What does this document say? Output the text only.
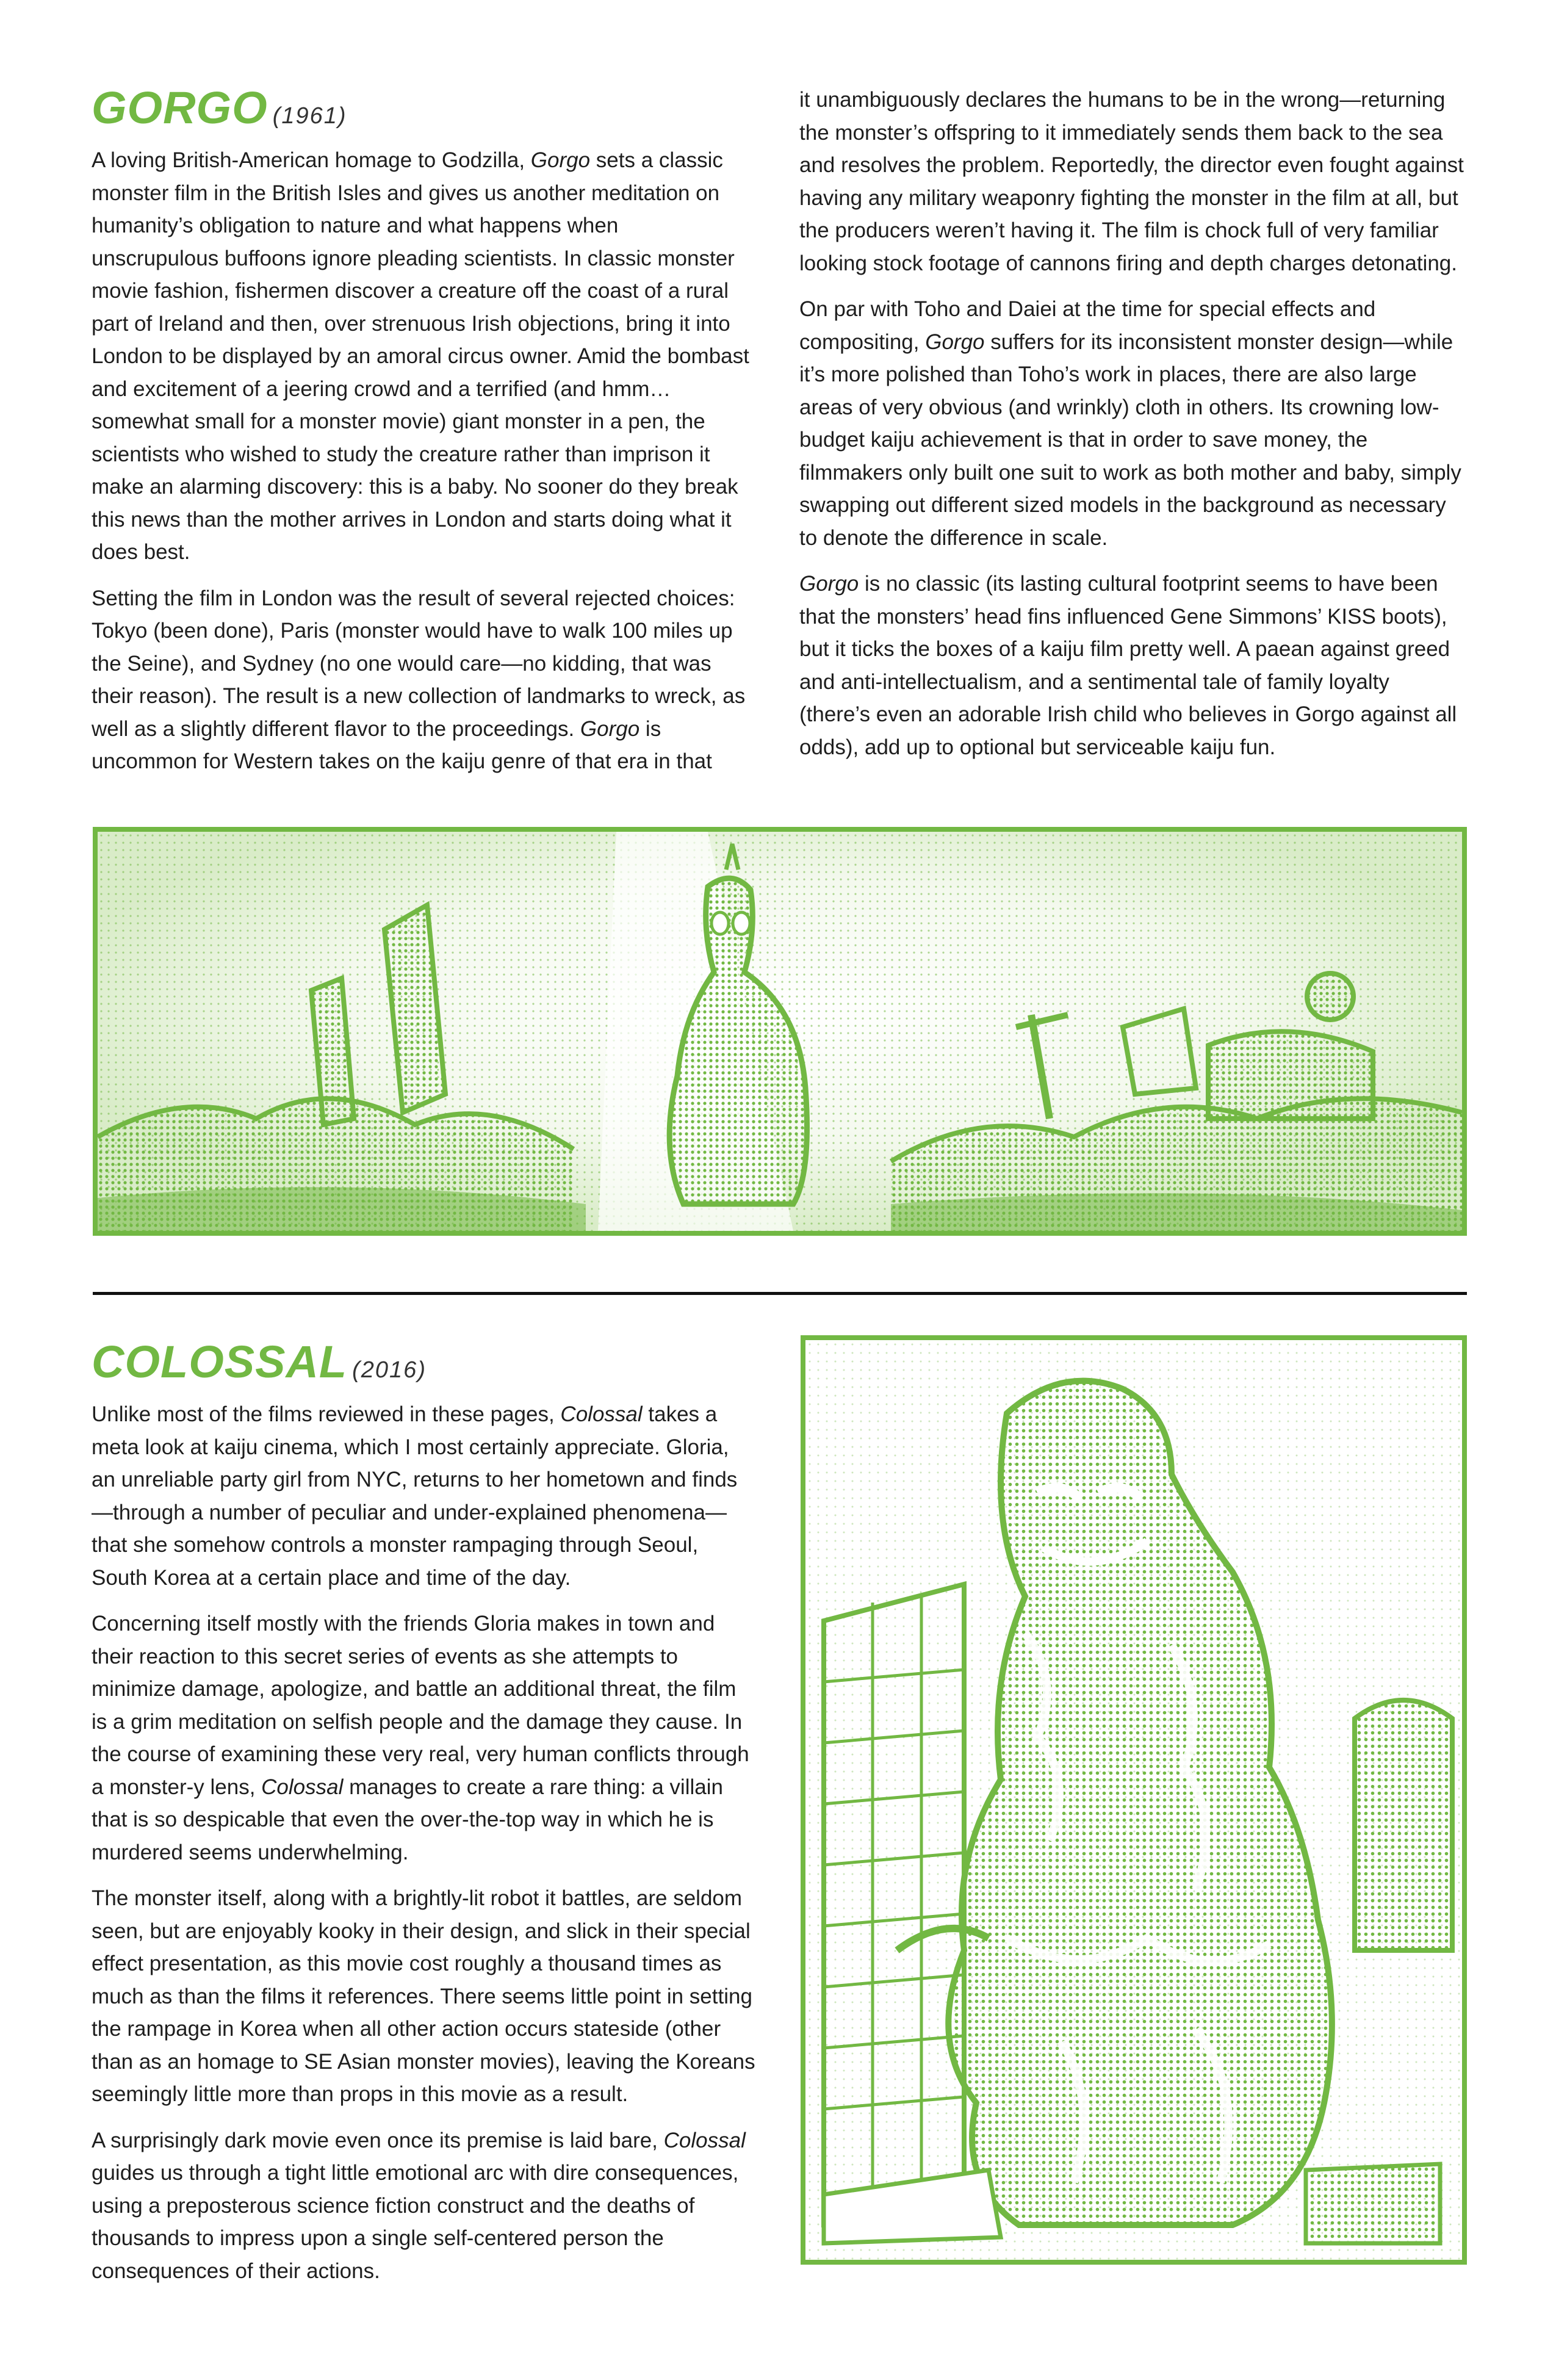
GORGO (1961)

A loving British-American homage to Godzilla, Gorgo sets a classic monster film in the British Isles and gives us another meditation on humanity’s obligation to nature and what happens when unscrupulous buffoons ignore pleading scientists. In classic monster movie fashion, fishermen discover a creature off the coast of a rural part of Ireland and then, over strenuous Irish objections, bring it into London to be displayed by an amoral circus owner. Amid the bombast and excitement of a jeering crowd and a terrified (and hmm… somewhat small for a monster movie) giant monster in a pen, the scientists who wished to study the creature rather than imprison it make an alarming discovery: this is a baby. No sooner do they break this news than the mother arrives in London and starts doing what it does best.

Setting the film in London was the result of several rejected choices: Tokyo (been done), Paris (monster would have to walk 100 miles up the Seine), and Sydney (no one would care—no kidding, that was their reason). The result is a new collection of landmarks to wreck, as well as a slightly different flavor to the proceedings. Gorgo is uncommon for Western takes on the kaiju genre of that era in that

it unambiguously declares the humans to be in the wrong—returning the monster’s offspring to it immediately sends them back to the sea and resolves the problem. Reportedly, the director even fought against having any military weaponry fighting the monster in the film at all, but the producers weren’t having it. The film is chock full of very familiar looking stock footage of cannons firing and depth charges detonating.

On par with Toho and Daiei at the time for special effects and compositing, Gorgo suffers for its inconsistent monster design—while it’s more polished than Toho’s work in places, there are also large areas of very obvious (and wrinkly) cloth in others. Its crowning low-budget kaiju achievement is that in order to save money, the filmmakers only built one suit to work as both mother and baby, simply swapping out different sized models in the background as necessary to denote the difference in scale.

Gorgo is no classic (its lasting cultural footprint seems to have been that the monsters’ head fins influenced Gene Simmons’ KISS boots), but it ticks the boxes of a kaiju film pretty well. A paean against greed and anti-intellectualism, and a sentimental tale of family loyalty (there’s even an adorable Irish child who believes in Gorgo against all odds), add up to optional but serviceable kaiju fun.

COLOSSAL (2016)

Unlike most of the films reviewed in these pages, Colossal takes a meta look at kaiju cinema, which I most certainly appreciate. Gloria, an unreliable party girl from NYC, returns to her hometown and finds—through a number of peculiar and under-explained phenomena—that she somehow controls a monster rampaging through Seoul, South Korea at a certain place and time of the day.

Concerning itself mostly with the friends Gloria makes in town and their reaction to this secret series of events as she attempts to minimize damage, apologize, and battle an additional threat, the film is a grim meditation on selfish people and the damage they cause. In the course of examining these very real, very human conflicts through a monster-y lens, Colossal manages to create a rare thing: a villain that is so despicable that even the over-the-top way in which he is murdered seems underwhelming.

The monster itself, along with a brightly-lit robot it battles, are seldom seen, but are enjoyably kooky in their design, and slick in their special effect presentation, as this movie cost roughly a thousand times as much as than the films it references. There seems little point in setting the rampage in Korea when all other action occurs stateside (other than as an homage to SE Asian monster movies), leaving the Koreans seemingly little more than props in this movie as a result.

A surprisingly dark movie even once its premise is laid bare, Colossal guides us through a tight little emotional arc with dire consequences, using a preposterous science fiction construct and the deaths of thousands to impress upon a single self-centered person the consequences of their actions.
